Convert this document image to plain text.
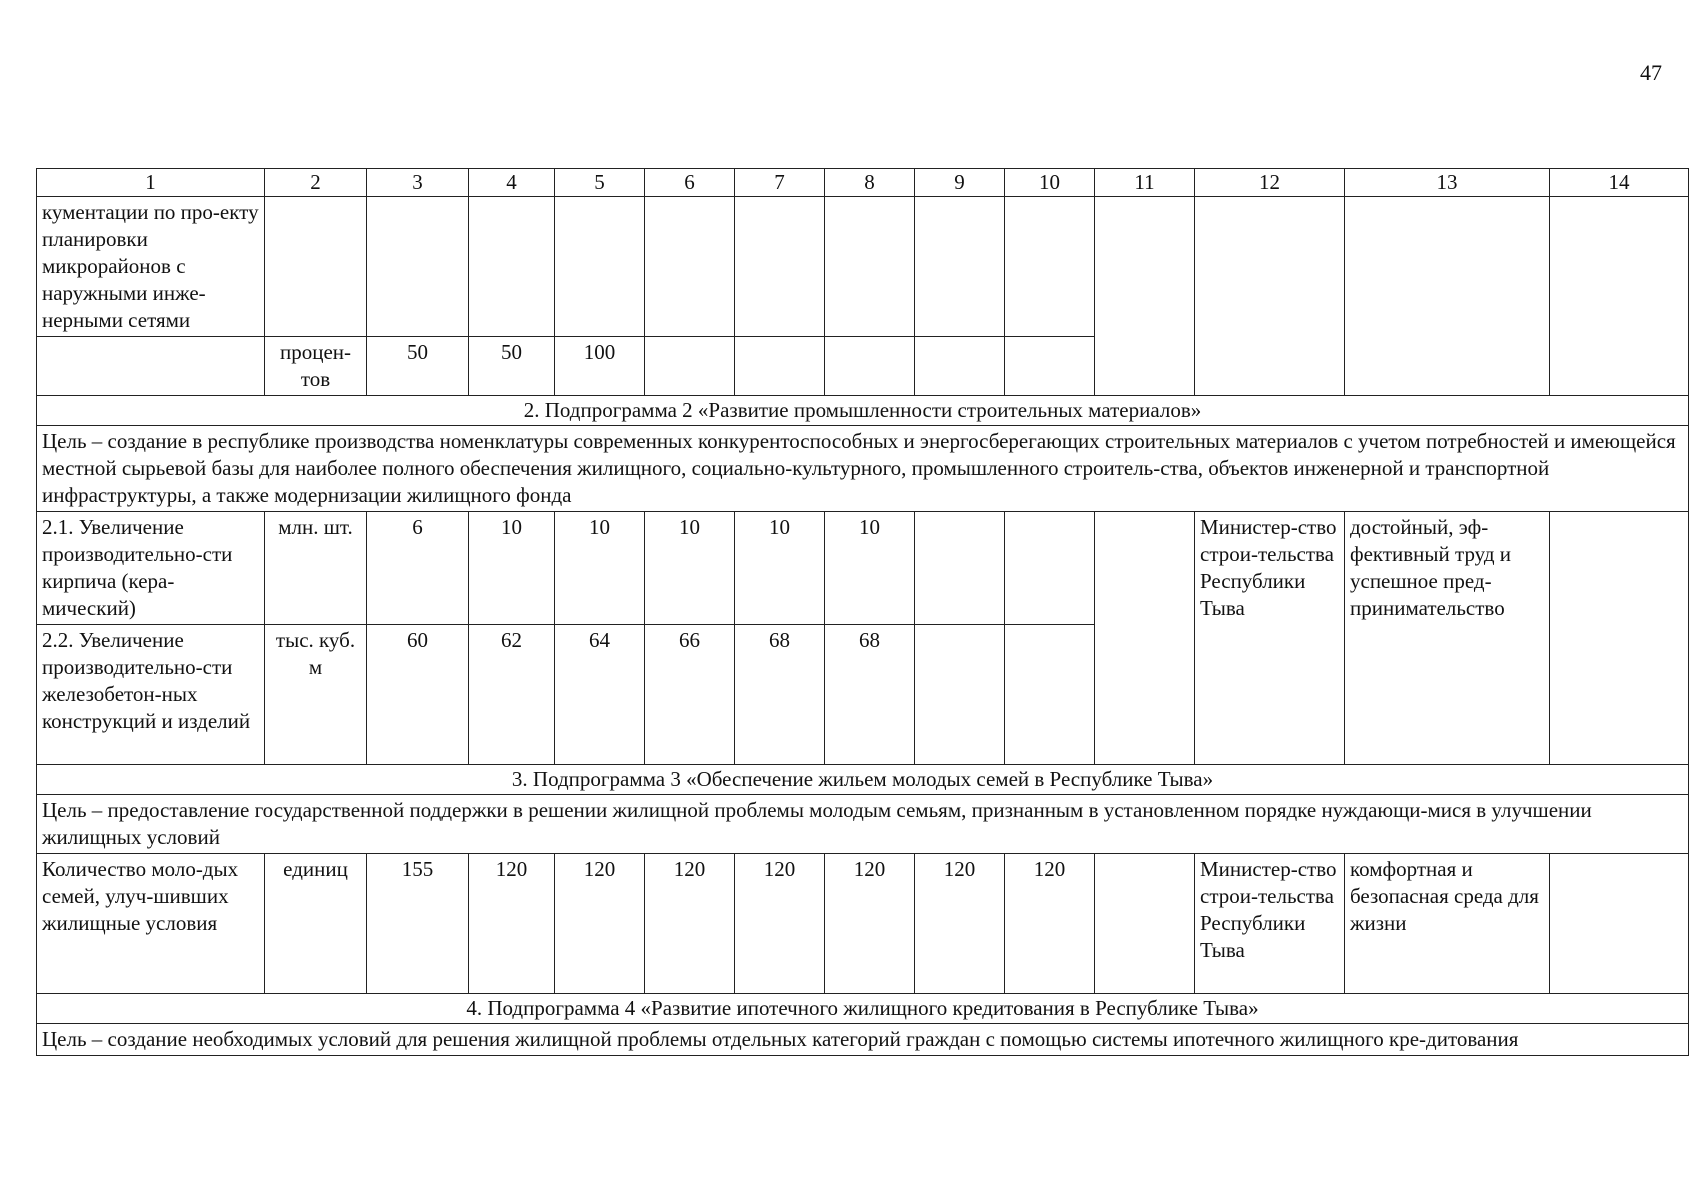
47
1	2	3	4	5	6	7	8	9	10	11	12	13	14
кументации по про-екту планировки микрорайонов с наружными инже-нерными сетями													
	процен-тов	50	50	100									
2. Подпрограмма 2 «Развитие промышленности строительных материалов»													
Цель – создание в республике производства номенклатуры современных конкурентоспособных и энергосберегающих строительных материалов с учетом потребностей и имеющейся местной сырьевой базы для наиболее полного обеспечения жилищного, социально-культурного, промышленного строитель-ства, объектов инженерной и транспортной инфраструктуры, а также модернизации жилищного фонда													
2.1. Увеличение производительно-сти кирпича (кера-мический)	млн. шт.	6	10	10	10	10	10				Министер-ство строи-тельства Республики Тыва	достойный, эф-фективный труд и успешное пред-принимательство	
2.2. Увеличение производительно-сти железобетон-ных конструкций и изделий	тыс. куб. м	60	62	64	66	68	68						
3. Подпрограмма 3 «Обеспечение жильем молодых семей в Республике Тыва»													
Цель – предоставление государственной поддержки в решении жилищной проблемы молодым семьям, признанным в установленном порядке нуждающи-мися в улучшении жилищных условий													
Количество моло-дых семей, улуч-шивших жилищные условия	единиц	155	120	120	120	120	120	120	120		Министер-ство строи-тельства Республики Тыва	комфортная и безопасная среда для жизни	
4. Подпрограмма 4 «Развитие ипотечного жилищного кредитования в Республике Тыва»													
Цель – создание необходимых условий для решения жилищной проблемы отдельных категорий граждан с помощью системы ипотечного жилищного кре-дитования													
